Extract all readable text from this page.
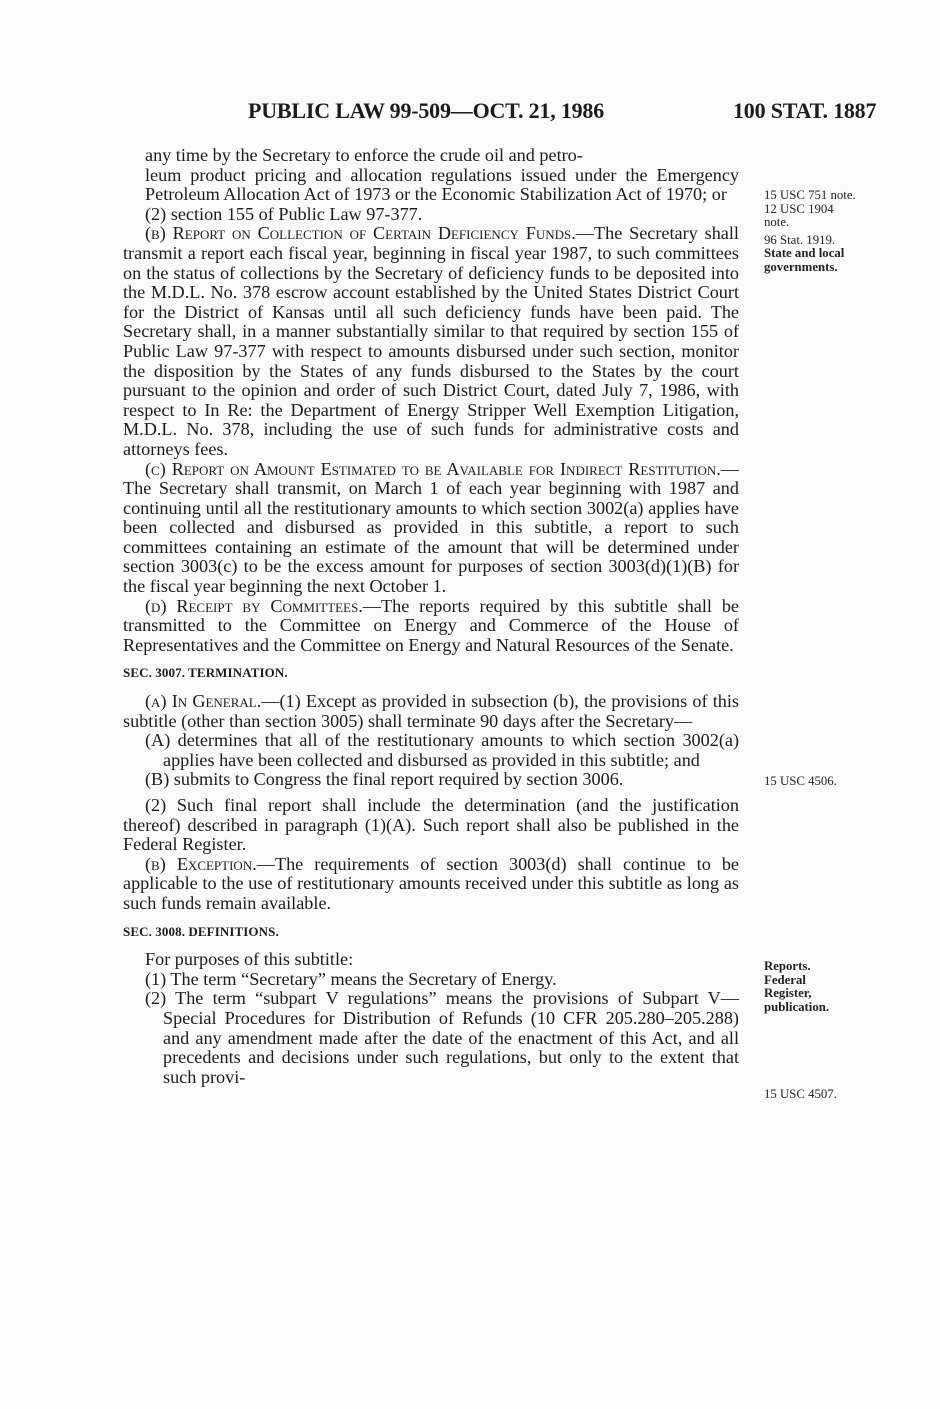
PUBLIC LAW 99-509—OCT. 21, 1986	100 STAT. 1887

any time by the Secretary to enforce the crude oil and petro-

leum product pricing and allocation regulations issued under the Emergency Petroleum Allocation Act of 1973 or the Economic Stabilization Act of 1970; or

(2) section 155 of Public Law 97-377.

(b) Report on Collection of Certain Deficiency Funds.—The Secretary shall transmit a report each fiscal year, beginning in fiscal year 1987, to such committees on the status of collections by the Secretary of deficiency funds to be deposited into the M.D.L. No. 378 escrow account established by the United States District Court for the District of Kansas until all such deficiency funds have been paid. The Secretary shall, in a manner substantially similar to that required by section 155 of Public Law 97-377 with respect to amounts disbursed under such section, monitor the disposition by the States of any funds disbursed to the States by the court pursuant to the opinion and order of such District Court, dated July 7, 1986, with respect to In Re: the Department of Energy Stripper Well Exemption Litigation, M.D.L. No. 378, including the use of such funds for administrative costs and attorneys fees.

(c) Report on Amount Estimated to be Available for Indirect Restitution.—The Secretary shall transmit, on March 1 of each year beginning with 1987 and continuing until all the restitutionary amounts to which section 3002(a) applies have been collected and disbursed as provided in this subtitle, a report to such committees containing an estimate of the amount that will be determined under section 3003(c) to be the excess amount for purposes of section 3003(d)(1)(B) for the fiscal year beginning the next October 1.

(d) Receipt by Committees.—The reports required by this subtitle shall be transmitted to the Committee on Energy and Commerce of the House of Representatives and the Committee on Energy and Natural Resources of the Senate.

SEC. 3007. TERMINATION.

(a) In General.—(1) Except as provided in subsection (b), the provisions of this subtitle (other than section 3005) shall terminate 90 days after the Secretary—

(A) determines that all of the restitutionary amounts to which section 3002(a) applies have been collected and disbursed as provided in this subtitle; and

(B) submits to Congress the final report required by section 3006.

(2) Such final report shall include the determination (and the justification thereof) described in paragraph (1)(A). Such report shall also be published in the Federal Register.

(b) Exception.—The requirements of section 3003(d) shall continue to be applicable to the use of restitutionary amounts received under this subtitle as long as such funds remain available.

SEC. 3008. DEFINITIONS.

For purposes of this subtitle:

(1) The term “Secretary” means the Secretary of Energy.

(2) The term “subpart V regulations” means the provisions of Subpart V—Special Procedures for Distribution of Refunds (10 CFR 205.280–205.288) and any amendment made after the date of the enactment of this Act, and all precedents and decisions under such regulations, but only to the extent that such provi-

15 USC 751 note.
12 USC 1904
note.
96 Stat. 1919.
State and local
governments.
15 USC 4506.
Reports.
Federal
Register,
publication.
15 USC 4507.
